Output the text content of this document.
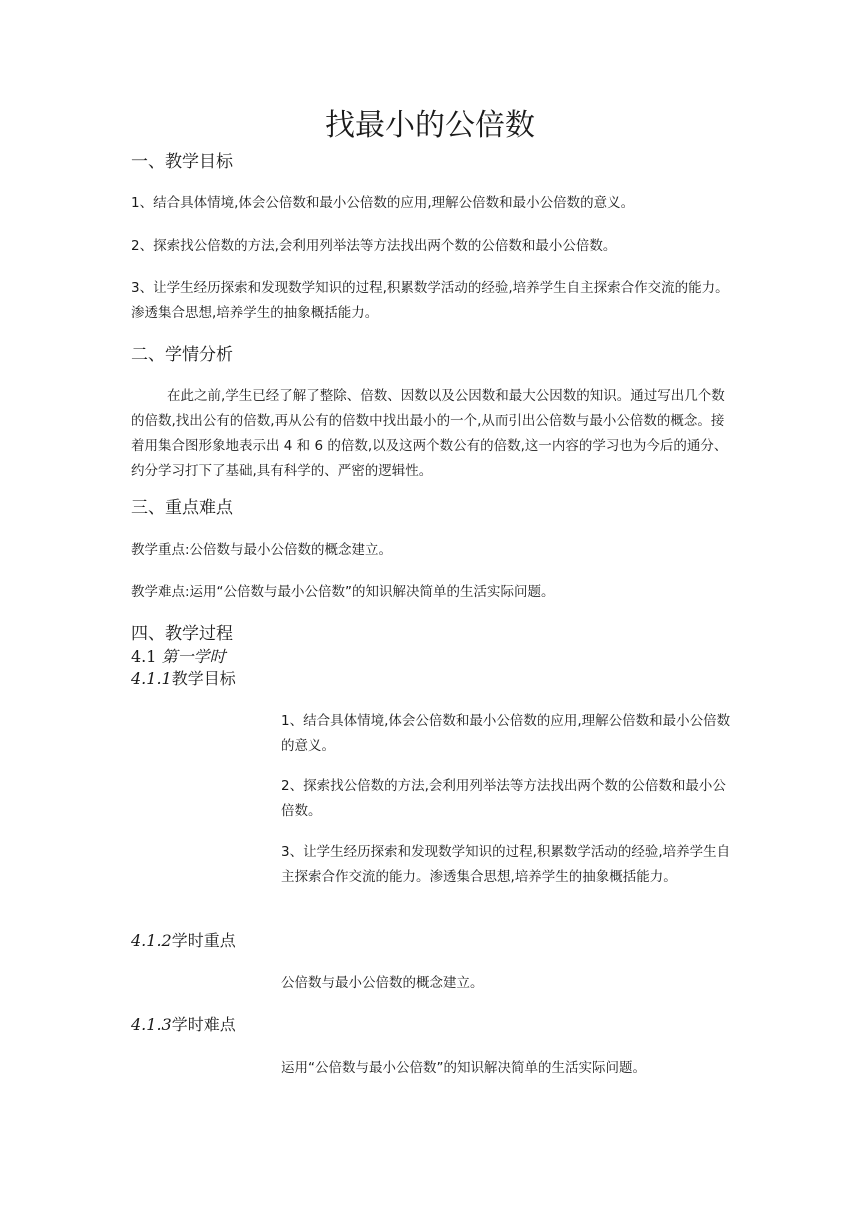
找最小的公倍数
一、教学目标
1、结合具体情境,体会公倍数和最小公倍数的应用,理解公倍数和最小公倍数的意义。
2、探索找公倍数的方法,会利用列举法等方法找出两个数的公倍数和最小公倍数。
3、让学生经历探索和发现数学知识的过程,积累数学活动的经验,培养学生自主探索合作交流的能力。渗透集合思想,培养学生的抽象概括能力。
二、学情分析
在此之前,学生已经了解了整除、倍数、因数以及公因数和最大公因数的知识。通过写出几个数的倍数,找出公有的倍数,再从公有的倍数中找出最小的一个,从而引出公倍数与最小公倍数的概念。接着用集合图形象地表示出 4 和 6 的倍数,以及这两个数公有的倍数,这一内容的学习也为今后的通分、约分学习打下了基础,具有科学的、严密的逻辑性。
三、重点难点
教学重点:公倍数与最小公倍数的概念建立。
教学难点:运用“公倍数与最小公倍数”的知识解决简单的生活实际问题。
四、教学过程
4.1 第一学时
4.1.1教学目标
1、结合具体情境,体会公倍数和最小公倍数的应用,理解公倍数和最小公倍数的意义。
2、探索找公倍数的方法,会利用列举法等方法找出两个数的公倍数和最小公倍数。
3、让学生经历探索和发现数学知识的过程,积累数学活动的经验,培养学生自主探索合作交流的能力。渗透集合思想,培养学生的抽象概括能力。
4.1.2学时重点
公倍数与最小公倍数的概念建立。
4.1.3学时难点
运用“公倍数与最小公倍数”的知识解决简单的生活实际问题。
